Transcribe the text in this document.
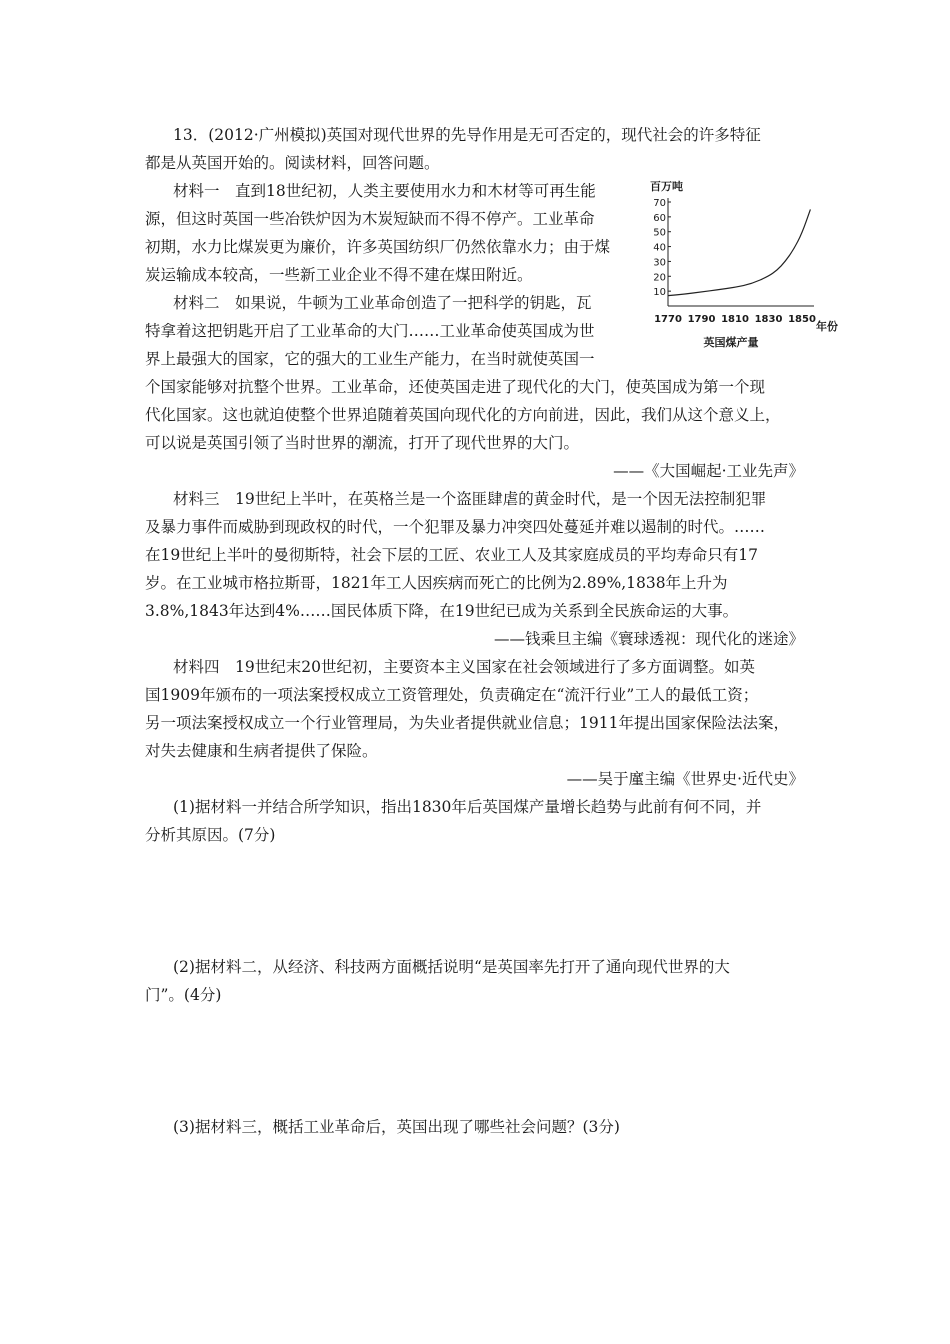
13．(2012·广州模拟)英国对现代世界的先导作用是无可否定的，现代社会的许多特征
都是从英国开始的。阅读材料，回答问题。
材料一　直到18世纪初，人类主要使用水力和木材等可再生能
源，但这时英国一些冶铁炉因为木炭短缺而不得不停产。工业革命
初期，水力比煤炭更为廉价，许多英国纺织厂仍然依靠水力；由于煤
炭运输成本较高，一些新工业企业不得不建在煤田附近。
材料二　如果说，牛顿为工业革命创造了一把科学的钥匙，瓦
特拿着这把钥匙开启了工业革命的大门……工业革命使英国成为世
界上最强大的国家，它的强大的工业生产能力，在当时就使英国一
个国家能够对抗整个世界。工业革命，还使英国走进了现代化的大门，使英国成为第一个现
代化国家。这也就迫使整个世界追随着英国向现代化的方向前进，因此，我们从这个意义上，
可以说是英国引领了当时世界的潮流，打开了现代世界的大门。
——《大国崛起·工业先声》
材料三　19世纪上半叶，在英格兰是一个盗匪肆虐的黄金时代，是一个因无法控制犯罪
及暴力事件而威胁到现政权的时代，一个犯罪及暴力冲突四处蔓延并难以遏制的时代。……
在19世纪上半叶的曼彻斯特，社会下层的工匠、农业工人及其家庭成员的平均寿命只有17
岁。在工业城市格拉斯哥，1821年工人因疾病而死亡的比例为2.89%,1838年上升为
3.8%,1843年达到4%……国民体质下降，在19世纪已成为关系到全民族命运的大事。
——钱乘旦主编《寰球透视：现代化的迷途》
材料四　19世纪末20世纪初，主要资本主义国家在社会领域进行了多方面调整。如英
国1909年颁布的一项法案授权成立工资管理处，负责确定在“流汗行业”工人的最低工资；
另一项法案授权成立一个行业管理局，为失业者提供就业信息；1911年提出国家保险法法案，
对失去健康和生病者提供了保险。
——吴于廑主编《世界史·近代史》
(1)据材料一并结合所学知识，指出1830年后英国煤产量增长趋势与此前有何不同，并
分析其原因。(7分)
(2)据材料二，从经济、科技两方面概括说明“是英国率先打开了通向现代世界的大
门”。(4分)
(3)据材料三，概括工业革命后，英国出现了哪些社会问题？(3分)
百万吨
年份
英国煤产量
10
20
30
40
50
60
70
1770 1790 1810 1830 1850
